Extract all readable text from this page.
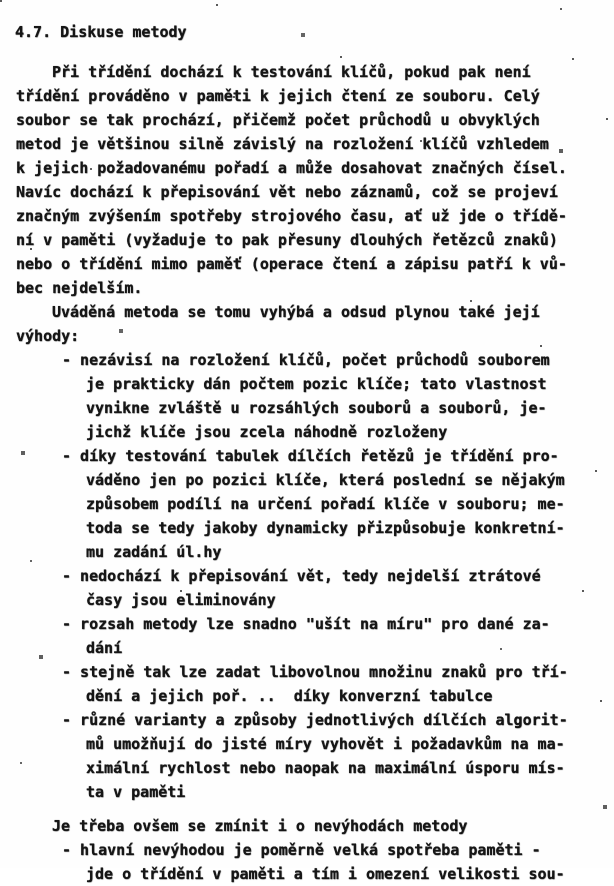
4.7. Diskuse metody
Při třídění dochází k testování klíčů, pokud pak není
třídění prováděno v paměti k jejich čtení ze souboru. Celý
soubor se tak prochází, přičemž počet průchodů u obvyklých
metod je většinou silně závislý na rozložení klíčů vzhledem
k jejich požadovanému pořadí a může dosahovat značných čísel.
Navíc dochází k přepisování vět nebo záznamů, což se projeví
značným zvýšením spotřeby strojového času, ať už jde o třídě-
ní v paměti (vyžaduje to pak přesuny dlouhých řetězců znaků)
nebo o třídění mimo paměť (operace čtení a zápisu patří k vů-
bec nejdelším.
Uváděná metoda se tomu vyhýbá a odsud plynou také její
výhody:
- nezávisí na rozložení klíčů, počet průchodů souborem
je prakticky dán počtem pozic klíče; tato vlastnost
vynikne zvláště u rozsáhlých souborů a souborů, je-
jichž klíče jsou zcela náhodně rozloženy
- díky testování tabulek dílčích řetězů je třídění pro-
váděno jen po pozici klíče, která poslední se nějakým
způsobem podílí na určení pořadí klíče v souboru; me-
toda se tedy jakoby dynamicky přizpůsobuje konkretní-
mu zadání úl.hy
- nedochází k přepisování vět, tedy nejdelší ztrátové
časy jsou eliminovány
- rozsah metody lze snadno "ušít na míru" pro dané za-
dání
- stejně tak lze zadat libovolnou množinu znaků pro tří-
dění a jejich poř. ..  díky konverzní tabulce
- různé varianty a způsoby jednotlivých dílčích algorit-
mů umožňují do jisté míry vyhovět i požadavkům na ma-
ximální rychlost nebo naopak na maximální úsporu mís-
ta v paměti
Je třeba ovšem se zmínit i o nevýhodách metody
- hlavní nevýhodou je poměrně velká spotřeba paměti -
jde o třídění v paměti a tím i omezení velikosti sou-
